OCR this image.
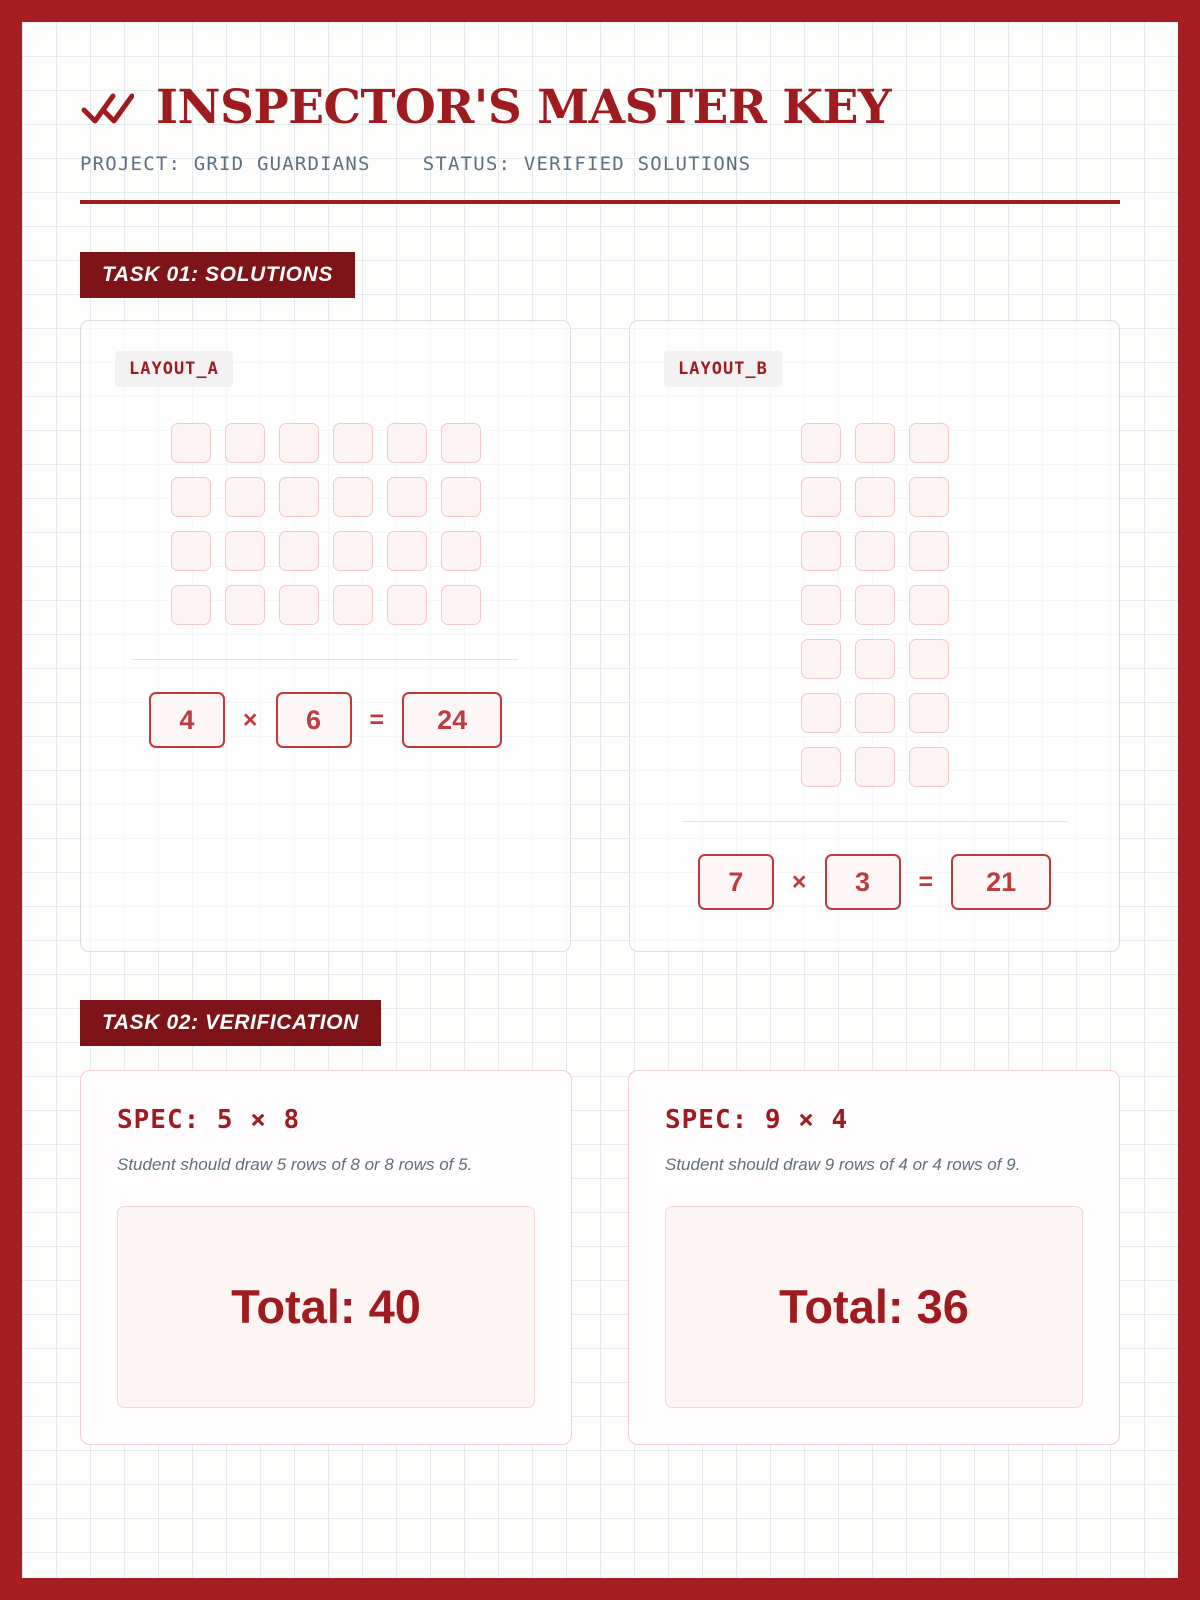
INSPECTOR'S MASTER KEY
PROJECT: GRID GUARDIANS	STATUS: VERIFIED SOLUTIONS
TASK 01: SOLUTIONS
LAYOUT_A
4	×	6	=	24
LAYOUT_B
7	×	3	=	21
TASK 02: VERIFICATION
SPEC: 5 × 8
Student should draw 5 rows of 8 or 8 rows of 5.
Total: 40
SPEC: 9 × 4
Student should draw 9 rows of 4 or 4 rows of 9.
Total: 36
